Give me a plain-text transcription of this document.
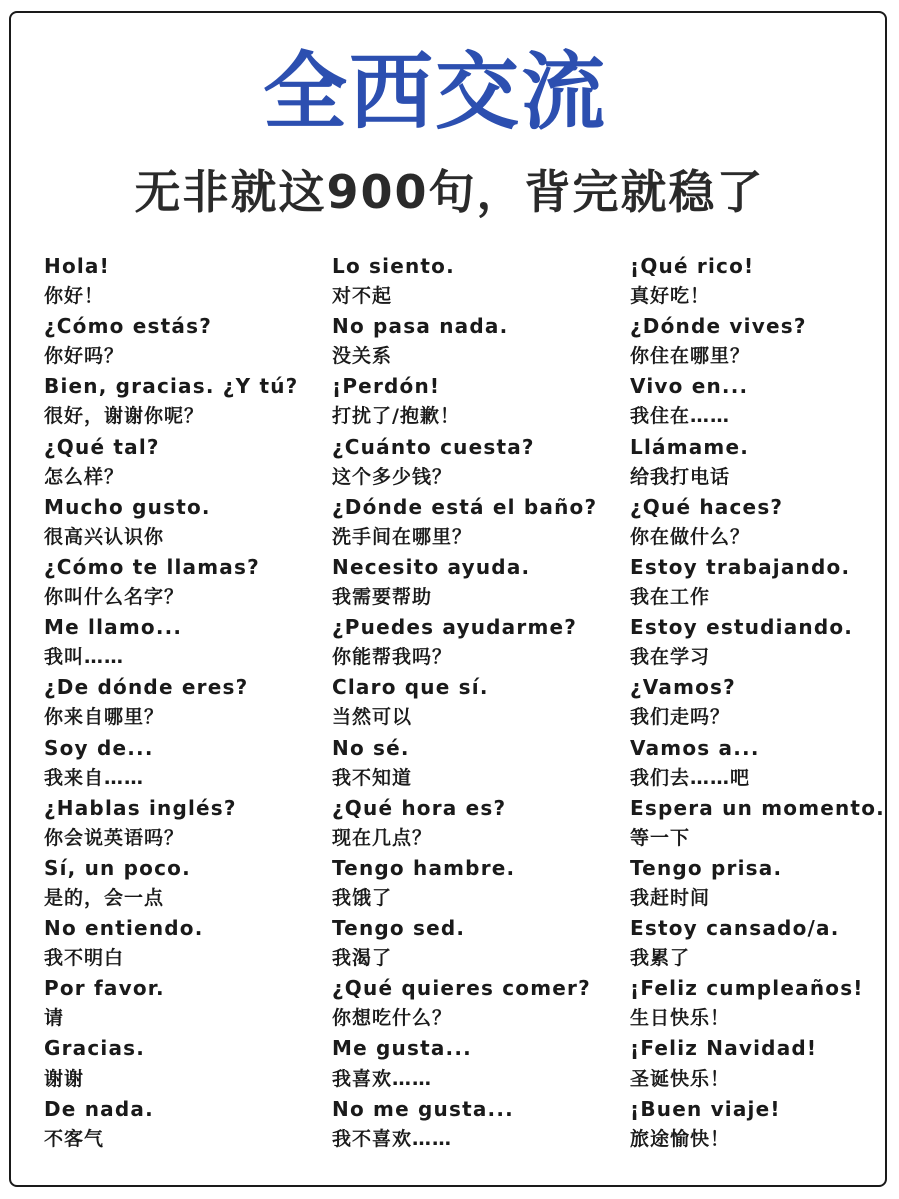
全西交流
无非就这900句，背完就稳了
Hola!
你好！
¿Cómo estás?
你好吗？
Bien, gracias. ¿Y tú?
很好，谢谢你呢？
¿Qué tal?
怎么样？
Mucho gusto.
很高兴认识你
¿Cómo te llamas?
你叫什么名字？
Me llamo...
我叫……
¿De dónde eres?
你来自哪里？
Soy de...
我来自……
¿Hablas inglés?
你会说英语吗？
Sí, un poco.
是的，会一点
No entiendo.
我不明白
Por favor.
请
Gracias.
谢谢
De nada.
不客气
Lo siento.
对不起
No pasa nada.
没关系
¡Perdón!
打扰了/抱歉！
¿Cuánto cuesta?
这个多少钱？
¿Dónde está el baño?
洗手间在哪里？
Necesito ayuda.
我需要帮助
¿Puedes ayudarme?
你能帮我吗？
Claro que sí.
当然可以
No sé.
我不知道
¿Qué hora es?
现在几点？
Tengo hambre.
我饿了
Tengo sed.
我渴了
¿Qué quieres comer?
你想吃什么？
Me gusta...
我喜欢……
No me gusta...
我不喜欢……
¡Qué rico!
真好吃！
¿Dónde vives?
你住在哪里？
Vivo en...
我住在……
Llámame.
给我打电话
¿Qué haces?
你在做什么？
Estoy trabajando.
我在工作
Estoy estudiando.
我在学习
¿Vamos?
我们走吗？
Vamos a...
我们去……吧
Espera un momento.
等一下
Tengo prisa.
我赶时间
Estoy cansado/a.
我累了
¡Feliz cumpleaños!
生日快乐！
¡Feliz Navidad!
圣诞快乐！
¡Buen viaje!
旅途愉快！
